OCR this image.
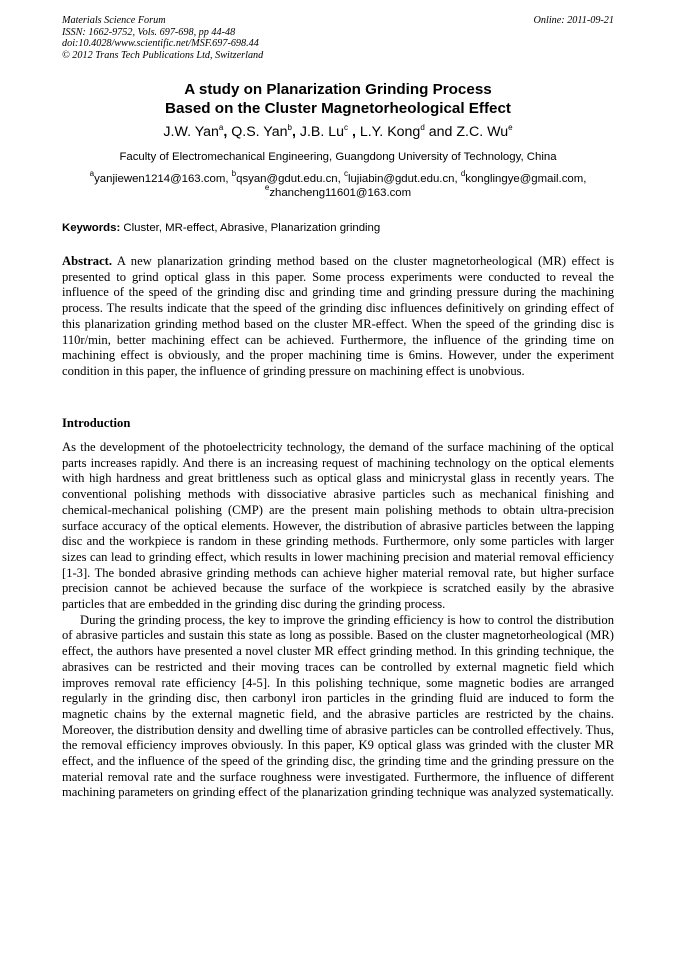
Materials Science Forum
ISSN: 1662-9752, Vols. 697-698, pp 44-48
doi:10.4028/www.scientific.net/MSF.697-698.44
© 2012 Trans Tech Publications Ltd, Switzerland
Online: 2011-09-21
A study on Planarization Grinding Process
Based on the Cluster Magnetorheological Effect
J.W. Yan$^a$, Q.S. Yan$^b$, J.B. Lu$^c$ , L.Y. Kong$^d$ and Z.C. Wu$^e$
Faculty of Electromechanical Engineering, Guangdong University of Technology, China
$^a$yanjiewen1214@163.com, $^b$qsyan@gdut.edu.cn, $^c$lujiabin@gdut.edu.cn, $^d$konglingye@gmail.com,
$^e$zhancheng11601@163.com
Keywords: Cluster, MR-effect, Abrasive, Planarization grinding
Abstract. A new planarization grinding method based on the cluster magnetorheological (MR) effect is presented to grind optical glass in this paper. Some process experiments were conducted to reveal the influence of the speed of the grinding disc and grinding time and grinding pressure during the machining process. The results indicate that the speed of the grinding disc influences definitively on grinding effect of this planarization grinding method based on the cluster MR-effect. When the speed of the grinding disc is 110r/min, better machining effect can be achieved. Furthermore, the influence of the grinding time on machining effect is obviously, and the proper machining time is 6mins. However, under the experiment condition in this paper, the influence of grinding pressure on machining effect is unobvious.
Introduction

As the development of the photoelectricity technology, the demand of the surface machining of the optical parts increases rapidly. And there is an increasing request of machining technology on the optical elements with high hardness and great brittleness such as optical glass and minicrystal glass in recently years. The conventional polishing methods with dissociative abrasive particles such as mechanical finishing and chemical-mechanical polishing (CMP) are the present main polishing methods to obtain ultra-precision surface accuracy of the optical elements. However, the distribution of abrasive particles between the lapping disc and the workpiece is random in these grinding methods. Furthermore, only some particles with larger sizes can lead to grinding effect, which results in lower machining precision and material removal efficiency [1-3]. The bonded abrasive grinding methods can achieve higher material removal rate, but higher surface precision cannot be achieved because the surface of the workpiece is scratched easily by the abrasive particles that are embedded in the grinding disc during the grinding process.

During the grinding process, the key to improve the grinding efficiency is how to control the distribution of abrasive particles and sustain this state as long as possible. Based on the cluster magnetorheological (MR) effect, the authors have presented a novel cluster MR effect grinding method. In this grinding technique, the abrasives can be restricted and their moving traces can be controlled by external magnetic field which improves removal rate efficiency [4-5]. In this polishing technique, some magnetic bodies are arranged regularly in the grinding disc, then carbonyl iron particles in the grinding fluid are induced to form the magnetic chains by the external magnetic field, and the abrasive particles are restricted by the chains. Moreover, the distribution density and dwelling time of abrasive particles can be controlled effectively. Thus, the removal efficiency improves obviously. In this paper, K9 optical glass was grinded with the cluster MR effect, and the influence of the speed of the grinding disc, the grinding time and the grinding pressure on the material removal rate and the surface roughness were investigated. Furthermore, the influence of different machining parameters on grinding effect of the planarization grinding technique was analyzed systematically.
